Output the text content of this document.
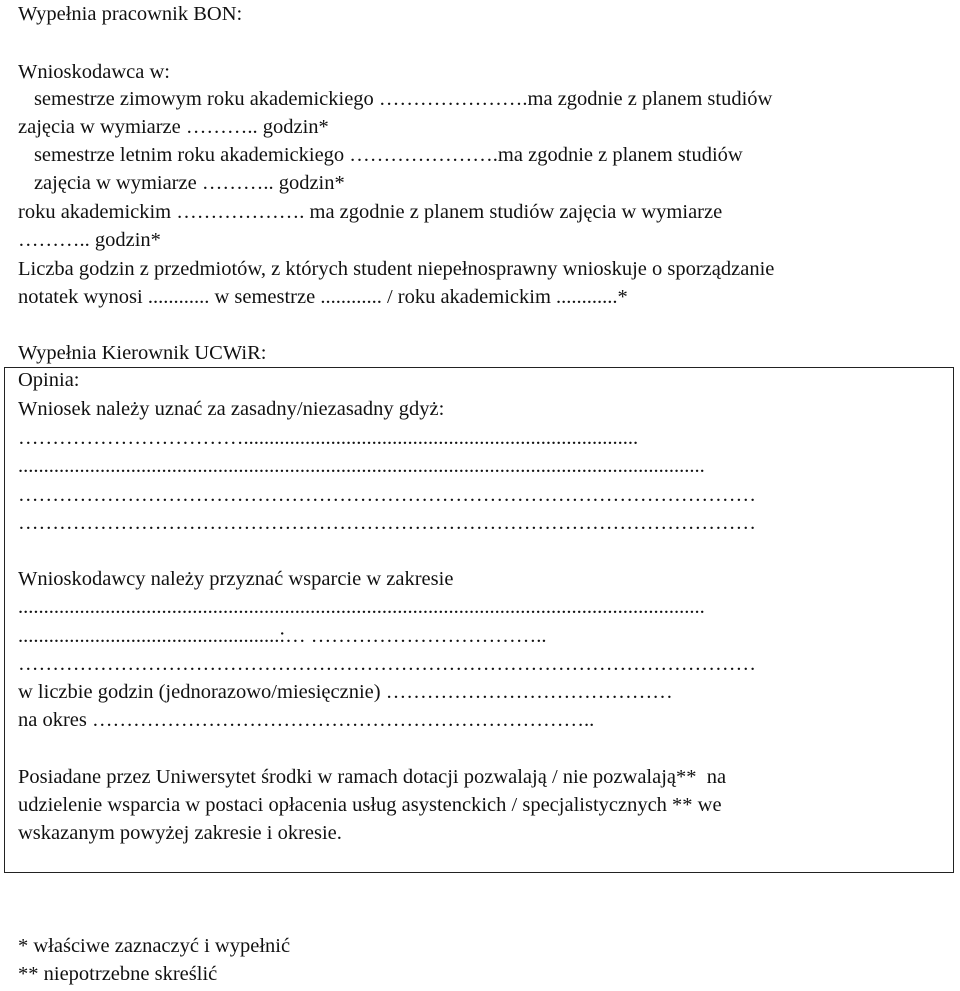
Wypełnia pracownik BON:
Wnioskodawca w:
semestrze zimowym roku akademickiego ………………….ma zgodnie z planem studiów
zajęcia w wymiarze ……….. godzin*
semestrze letnim roku akademickiego ………………….ma zgodnie z planem studiów
zajęcia w wymiarze ……….. godzin*
roku akademickim ………………. ma zgodnie z planem studiów zajęcia w wymiarze
……….. godzin*
Liczba godzin z przedmiotów, z których student niepełnosprawny wnioskuje o sporządzanie
notatek wynosi ............ w semestrze ............ / roku akademickim ............*
Wypełnia Kierownik UCWiR:
Opinia:
Wniosek należy uznać za zasadny/niezasadny gdyż:
…………………………….............................................................................
......................................................................................................................................
………………………………………………………………………………………………
………………………………………………………………………………………………
Wnioskodawcy należy przyznać wsparcie w zakresie
......................................................................................................................................
...................................................:… ……………………………..
………………………………………………………………………………………………
w liczbie godzin (jednorazowo/miesięcznie) ……………………………………
na okres ………………………………………………………………..
Posiadane przez Uniwersytet środki w ramach dotacji pozwalają / nie pozwalają**  na
udzielenie wsparcia w postaci opłacenia usług asystenckich / specjalistycznych ** we
wskazanym powyżej zakresie i okresie.
* właściwe zaznaczyć i wypełnić
** niepotrzebne skreślić
